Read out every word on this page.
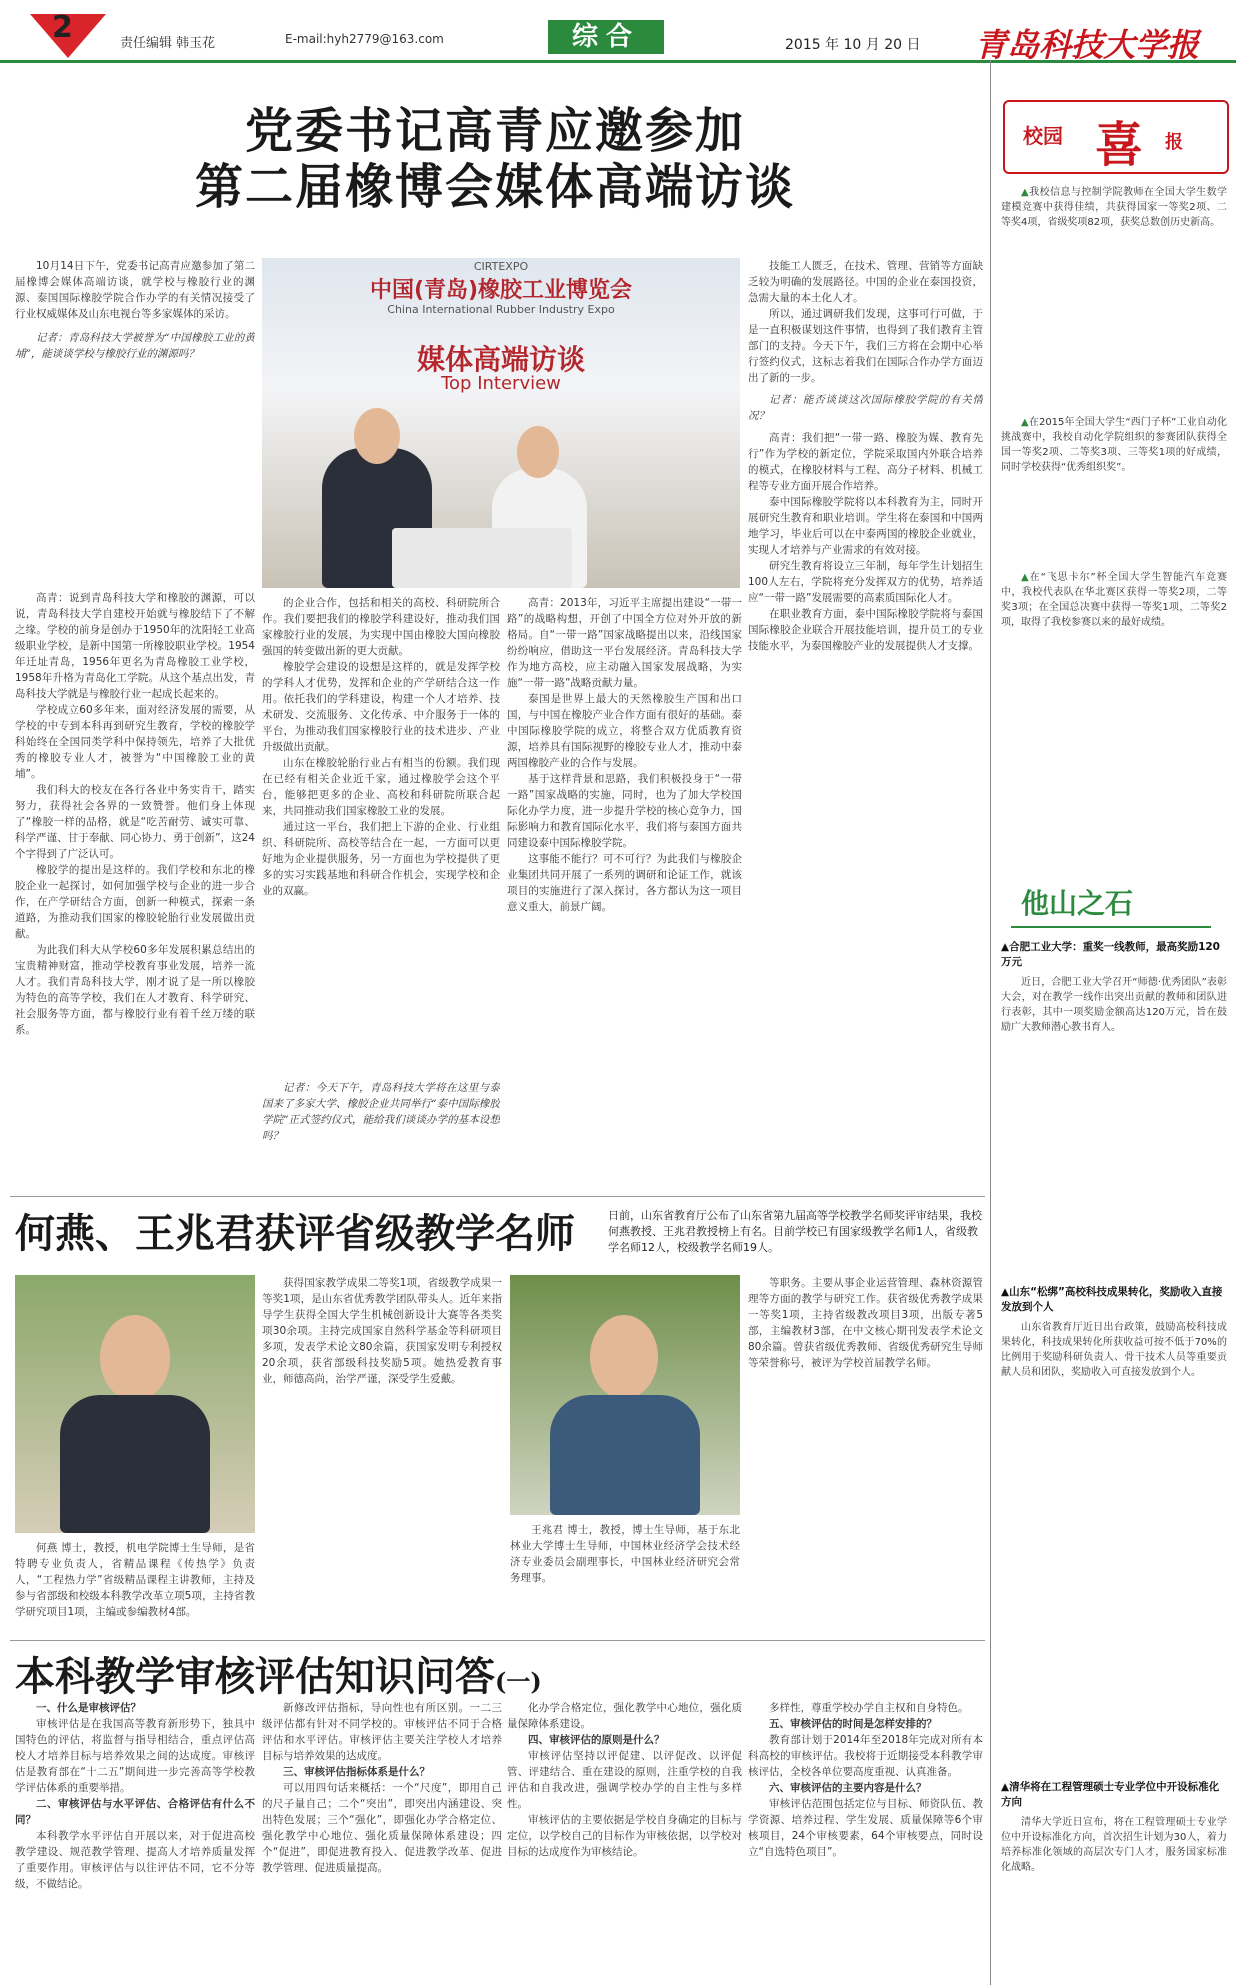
2	责任编辑 韩玉花	E-mail:hyh2779@163.com	综合	2015 年 10 月 20 日 青岛科技大学报
党委书记高青应邀参加
第二届橡博会媒体高端访谈

10月14日下午，党委书记高青应邀参加了第二届橡博会媒体高端访谈，就学校与橡胶行业的渊源、泰国国际橡胶学院合作办学的有关情况接受了行业权威媒体及山东电视台等多家媒体的采访。

记者：青岛科技大学被誉为“中国橡胶工业的黄埔”，能谈谈学校与橡胶行业的渊源吗？

高青：说到青岛科技大学和橡胶的渊源，可以说，青岛科技大学自建校开始就与橡胶结下了不解之缘。学校的前身是创办于1950年的沈阳轻工业高级职业学校，是新中国第一所橡胶职业学校。1954年迁址青岛，1956年更名为青岛橡胶工业学校，1958年升格为青岛化工学院。从这个基点出发，青岛科技大学就是与橡胶行业一起成长起来的。

学校成立60多年来，面对经济发展的需要，从学校的中专到本科再到研究生教育，学校的橡胶学科始终在全国同类学科中保持领先，培养了大批优秀的橡胶专业人才，被誉为“中国橡胶工业的黄埔”。

我们科大的校友在各行各业中务实肯干，踏实努力，获得社会各界的一致赞誉。他们身上体现了“橡胶一样的品格，就是“吃苦耐劳、诚实可靠、科学严谨、甘于奉献、同心协力、勇于创新”，这24个字得到了广泛认可。

橡胶学的提出是这样的。我们学校和东北的橡胶企业一起探讨，如何加强学校与企业的进一步合作，在产学研结合方面，创新一种模式，探索一条道路，为推动我们国家的橡胶轮胎行业发展做出贡献。

为此我们科大从学校60多年发展积累总结出的宝贵精神财富，推动学校教育事业发展，培养一流人才。我们青岛科技大学，刚才说了是一所以橡胶为特色的高等学校，我们在人才教育、科学研究、社会服务等方面，都与橡胶行业有着千丝万缕的联系。

CIRTEXPO
中国(青岛)橡胶工业博览会
China International Rubber Industry Expo
媒体高端访谈
Top Interview

的企业合作，包括和相关的高校、科研院所合作。我们要把我们的橡胶学科建设好，推动我们国家橡胶行业的发展，为实现中国由橡胶大国向橡胶强国的转变做出新的更大贡献。

橡胶学会建设的设想是这样的，就是发挥学校的学科人才优势，发挥和企业的产学研结合这一作用。依托我们的学科建设，构建一个人才培养、技术研发、交流服务、文化传承、中介服务于一体的平台，为推动我们国家橡胶行业的技术进步、产业升级做出贡献。

山东在橡胶轮胎行业占有相当的份额。我们现在已经有相关企业近千家，通过橡胶学会这个平台，能够把更多的企业、高校和科研院所联合起来，共同推动我们国家橡胶工业的发展。

通过这一平台，我们把上下游的企业、行业组织、科研院所、高校等结合在一起，一方面可以更好地为企业提供服务，另一方面也为学校提供了更多的实习实践基地和科研合作机会，实现学校和企业的双赢。

记者：今天下午，青岛科技大学将在这里与泰国来了多家大学、橡胶企业共同举行“泰中国际橡胶学院”正式签约仪式，能给我们谈谈办学的基本设想吗？

高青：2013年，习近平主席提出建设“一带一路”的战略构想，开创了中国全方位对外开放的新格局。自“一带一路”国家战略提出以来，沿线国家纷纷响应，借助这一平台发展经济。青岛科技大学作为地方高校，应主动融入国家发展战略，为实施“一带一路”战略贡献力量。

泰国是世界上最大的天然橡胶生产国和出口国，与中国在橡胶产业合作方面有很好的基础。泰中国际橡胶学院的成立，将整合双方优质教育资源，培养具有国际视野的橡胶专业人才，推动中泰两国橡胶产业的合作与发展。

基于这样背景和思路，我们积极投身于“一带一路”国家战略的实施，同时，也为了加大学校国际化办学力度，进一步提升学校的核心竞争力，国际影响力和教育国际化水平，我们将与泰国方面共同建设泰中国际橡胶学院。

这事能不能行？可不可行？为此我们与橡胶企业集团共同开展了一系列的调研和论证工作，就该项目的实施进行了深入探讨，各方都认为这一项目意义重大，前景广阔。

技能工人匮乏，在技术、管理、营销等方面缺乏较为明确的发展路径。中国的企业在泰国投资，急需大量的本土化人才。

所以，通过调研我们发现，这事可行可做，于是一直积极谋划这件事情，也得到了我们教育主管部门的支持。今天下午，我们三方将在会期中心举行签约仪式，这标志着我们在国际合作办学方面迈出了新的一步。

记者：能否谈谈这次国际橡胶学院的有关情况？

高青：我们把“一带一路、橡胶为媒、教育先行”作为学校的新定位，学院采取国内外联合培养的模式，在橡胶材料与工程、高分子材料、机械工程等专业方面开展合作培养。

泰中国际橡胶学院将以本科教育为主，同时开展研究生教育和职业培训。学生将在泰国和中国两地学习，毕业后可以在中泰两国的橡胶企业就业，实现人才培养与产业需求的有效对接。

研究生教育将设立三年制，每年学生计划招生100人左右，学院将充分发挥双方的优势，培养适应“一带一路”发展需要的高素质国际化人才。

在职业教育方面，泰中国际橡胶学院将与泰国国际橡胶企业联合开展技能培训，提升员工的专业技能水平，为泰国橡胶产业的发展提供人才支撑。

何燕、王兆君获评省级教学名师	日前，山东省教育厅公布了山东省第九届高等学校教学名师奖评审结果，我校何燕教授、王兆君教授榜上有名。目前学校已有国家级教学名师1人，省级教学名师12人，校级教学名师19人。

何燕 博士，教授，机电学院博士生导师，是省特聘专业负责人，省精品课程《传热学》负责人，“工程热力学”省级精品课程主讲教师，主持及参与省部级和校级本科教学改革立项5项，主持省教学研究项目1项，主编或参编教材4部。

获得国家教学成果二等奖1项，省级教学成果一等奖1项，是山东省优秀教学团队带头人。近年来指导学生获得全国大学生机械创新设计大赛等各类奖项30余项。主持完成国家自然科学基金等科研项目多项，发表学术论文80余篇，获国家发明专利授权20余项，获省部级科技奖励5项。她热爱教育事业，师德高尚，治学严谨，深受学生爱戴。

王兆君 博士，教授，博士生导师，基于东北林业大学博士生导师，中国林业经济学会技术经济专业委员会副理事长，中国林业经济研究会常务理事。

等职务。主要从事企业运营管理、森林资源管理等方面的教学与研究工作。获省级优秀教学成果一等奖1项，主持省级教改项目3项，出版专著5部，主编教材3部，在中文核心期刊发表学术论文80余篇。曾获省级优秀教师、省级优秀研究生导师等荣誉称号，被评为学校首届教学名师。

本科教学审核评估知识问答(一)

一、什么是审核评估？

审核评估是在我国高等教育新形势下，独具中国特色的评估，将监督与指导相结合，重点评估高校人才培养目标与培养效果之间的达成度。审核评估是教育部在“十二五”期间进一步完善高等学校教学评估体系的重要举措。

二、审核评估与水平评估、合格评估有什么不同？

本科教学水平评估自开展以来，对于促进高校教学建设、规范教学管理、提高人才培养质量发挥了重要作用。审核评估与以往评估不同，它不分等级，不做结论。

新修改评估指标，导向性也有所区别。一二三级评估都有针对不同学校的。审核评估不同于合格评估和水平评估。审核评估主要关注学校人才培养目标与培养效果的达成度。

三、审核评估指标体系是什么？

可以用四句话来概括：一个“尺度”，即用自己的尺子量自己；二个“突出”，即突出内涵建设、突出特色发展；三个“强化”，即强化办学合格定位、强化教学中心地位、强化质量保障体系建设；四个“促进”，即促进教育投入、促进教学改革、促进教学管理、促进质量提高。

化办学合格定位，强化教学中心地位，强化质量保障体系建设。

四、审核评估的原则是什么？

审核评估坚持以评促建、以评促改、以评促管、评建结合、重在建设的原则，注重学校的自我评估和自我改进，强调学校办学的自主性与多样性。

审核评估的主要依据是学校自身确定的目标与定位，以学校自己的目标作为审核依据，以学校对目标的达成度作为审核结论。

多样性，尊重学校办学自主权和自身特色。

五、审核评估的时间是怎样安排的？

教育部计划于2014年至2018年完成对所有本科高校的审核评估。我校将于近期接受本科教学审核评估，全校各单位要高度重视、认真准备。

六、审核评估的主要内容是什么？

审核评估范围包括定位与目标、师资队伍、教学资源、培养过程、学生发展、质量保障等6个审核项目，24个审核要素，64个审核要点，同时设立“自选特色项目”。

校园 喜 报

▲我校信息与控制学院教师在全国大学生数学建模竞赛中获得佳绩，共获得国家一等奖2项、二等奖4项，省级奖项82项，获奖总数创历史新高。

▲在2015年全国大学生“西门子杯”工业自动化挑战赛中，我校自动化学院组织的参赛团队获得全国一等奖2项、二等奖3项、三等奖1项的好成绩，同时学校获得“优秀组织奖”。

▲在“飞思卡尔”杯全国大学生智能汽车竞赛中，我校代表队在华北赛区获得一等奖2项，二等奖3项；在全国总决赛中获得一等奖1项，二等奖2项，取得了我校参赛以来的最好成绩。

他山之石
▲合肥工业大学：重奖一线教师，最高奖励120万元

近日，合肥工业大学召开“师德·优秀团队”表彰大会，对在教学一线作出突出贡献的教师和团队进行表彰，其中一项奖励金额高达120万元，旨在鼓励广大教师潜心教书育人。

▲山东“松绑”高校科技成果转化，奖励收入直接发放到个人

山东省教育厅近日出台政策，鼓励高校科技成果转化，科技成果转化所获收益可按不低于70%的比例用于奖励科研负责人、骨干技术人员等重要贡献人员和团队，奖励收入可直接发放到个人。

▲清华将在工程管理硕士专业学位中开设标准化方向

清华大学近日宣布，将在工程管理硕士专业学位中开设标准化方向，首次招生计划为30人，着力培养标准化领域的高层次专门人才，服务国家标准化战略。
